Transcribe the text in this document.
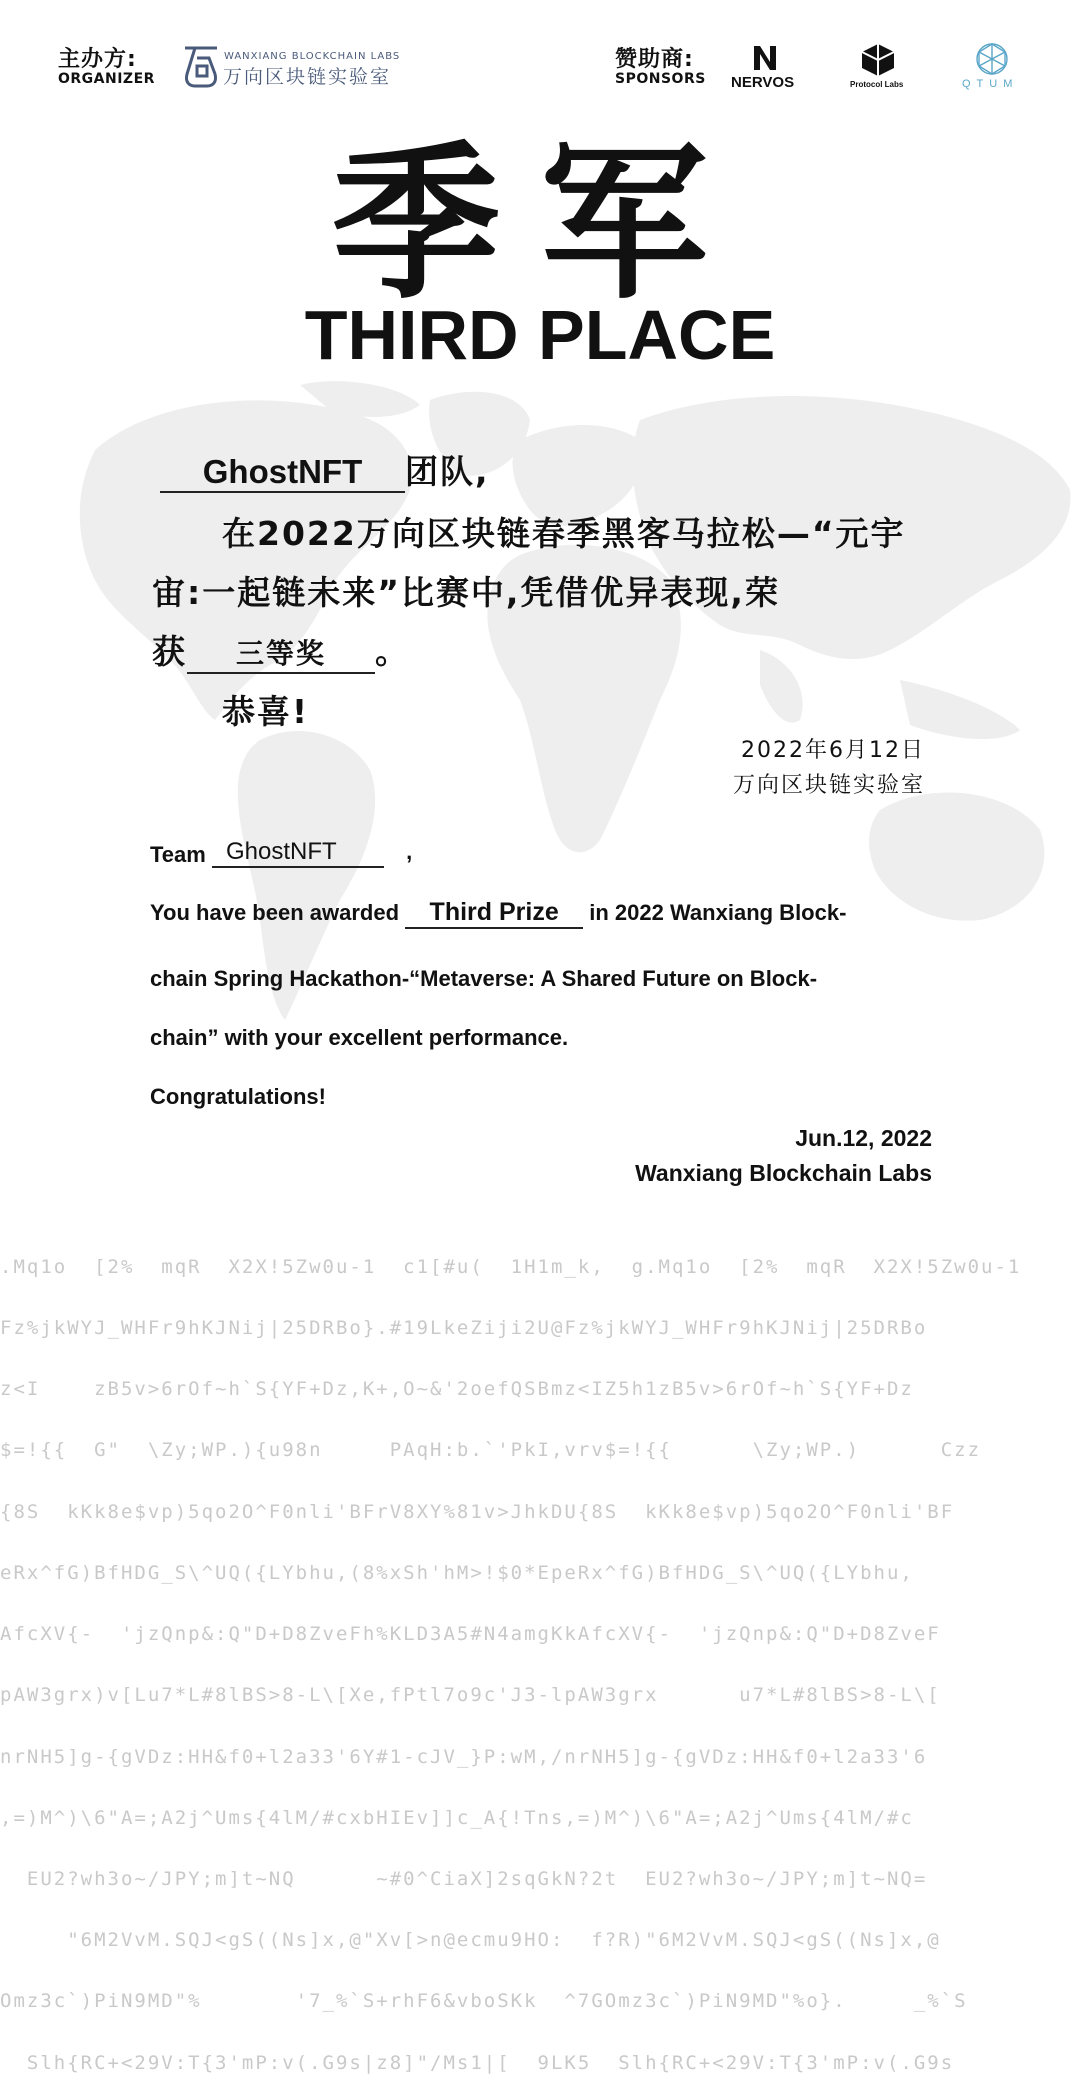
主办方:
ORGANIZER
WANXIANG BLOCKCHAIN LABS
万向区块链实验室
赞助商:
SPONSORS NERVOS	Protocol Labs	QTUM
季军
THIRD PLACE
GhostNFT 团队,
在2022万向区块链春季黑客马拉松—“元宇
宙:一起链未来”比赛中,凭借优异表现,荣
获 三等奖 。
恭喜!
2022年6月12日
万向区块链实验室
Team GhostNFT	,
You have been awarded Third Prize in 2022 Wanxiang Block-
chain Spring Hackathon-“Metaverse: A Shared Future on Block-
chain” with your excellent performance.
Congratulations!
Jun.12, 2022
Wanxiang Blockchain Labs

.Mq1o  [2%  mqR  X2X!5Zw0u-1  c1[#u(  1H1m_k,  g.Mq1o  [2%  mqR  X2X!5Zw0u-1

Fz%jkWYJ_WHFr9hKJNij|25DRBo}.#19LkeZiji2U@Fz%jkWYJ_WHFr9hKJNij|25DRBo

z<I    zB5v>6rOf~h`S{YF+Dz,K+,O~&'2oefQSBmz<IZ5h1zB5v>6rOf~h`S{YF+Dz

$=!{{  G"  \Zy;WP.){u98n     PAqH:b.`'PkI,vrv$=!{{      \Zy;WP.)      Czz

{8S  kKk8e$vp)5qo2O^F0nli'BFrV8XY%81v>JhkDU{8S  kKk8e$vp)5qo2O^F0nli'BF

eRx^fG)BfHDG_S\^UQ({LYbhu,(8%xSh'hM>!$0*EpeRx^fG)BfHDG_S\^UQ({LYbhu,

AfcXV{-  'jzQnp&:Q"D+D8ZveFh%KLD3A5#N4amgKkAfcXV{-  'jzQnp&:Q"D+D8ZveF

pAW3grx)v[Lu7*L#8lBS>8-L\[Xe,fPtl7o9c'J3-lpAW3grx      u7*L#8lBS>8-L\[

nrNH5]g-{gVDz:HH&f0+l2a33'6Y#1-cJV_}P:wM,/nrNH5]g-{gVDz:HH&f0+l2a33'6

,=)M^)\6"A=;A2j^Ums{4lM/#cxbHIEv]]c_A{!Tns,=)M^)\6"A=;A2j^Ums{4lM/#c

EU2?wh3o~/JPY;m]t~NQ      ~#0^CiaX]2sqGkN?2t  EU2?wh3o~/JPY;m]t~NQ=

"6M2VvM.SQJ<gS((Ns]x,@"Xv[>n@ecmu9HO:  f?R)"6M2VvM.SQJ<gS((Ns]x,@

Omz3c`)PiN9MD"%       '7_%`S+rhF6&vboSKk  ^7GOmz3c`)PiN9MD"%o}.     _%`S

Slh{RC+<29V:T{3'mP:v(.G9s|z8]"/Ms1|[  9LK5  Slh{RC+<29V:T{3'mP:v(.G9s
